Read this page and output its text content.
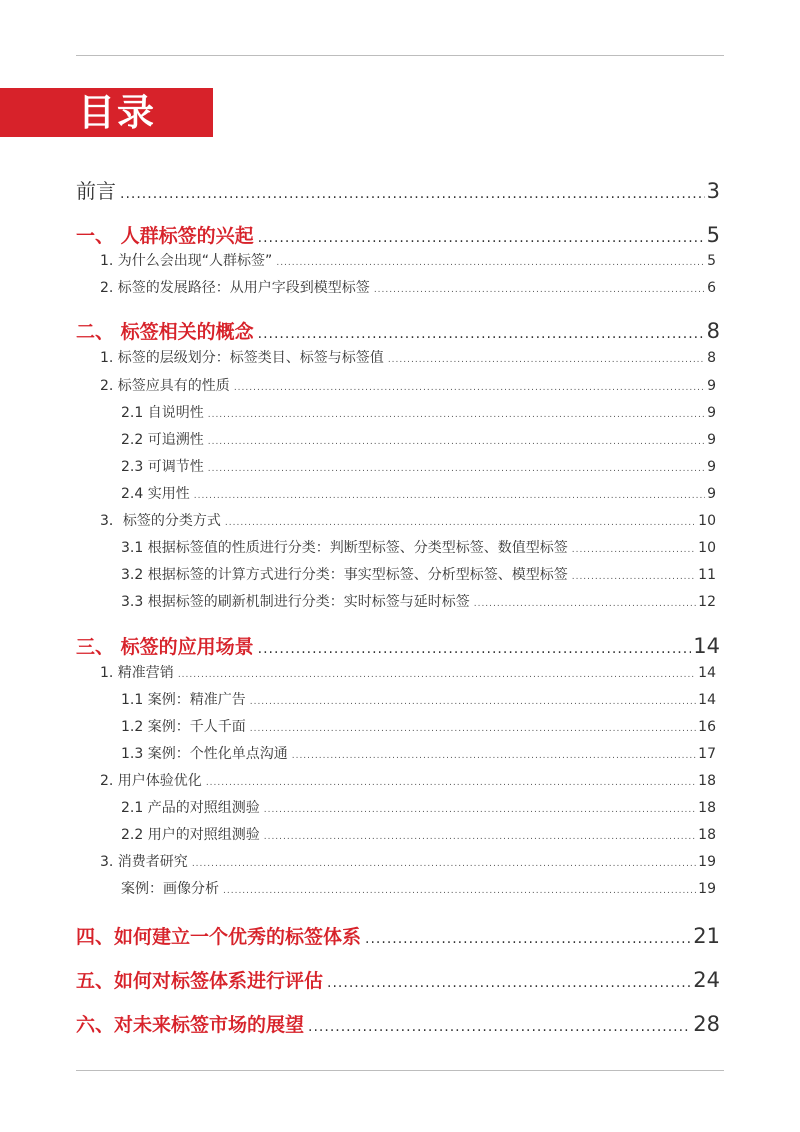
目录
前言 .....	3
一、 人群标签的兴起 .....	5
1. 为什么会出现“人群标签” .....	5
2. 标签的发展路径：从用户字段到模型标签 .....	6
二、 标签相关的概念 .....	8
1. 标签的层级划分：标签类目、标签与标签值 .....	8
2. 标签应具有的性质 .....	9
2.1 自说明性 .....	9
2.2 可追溯性 .....	9
2.3 可调节性 .....	9
2.4 实用性 .....	9
3．标签的分类方式 .....	10
3.1 根据标签值的性质进行分类：判断型标签、分类型标签、数值型标签 .....	10
3.2 根据标签的计算方式进行分类：事实型标签、分析型标签、模型标签 .....	11
3.3 根据标签的刷新机制进行分类：实时标签与延时标签 .....	12
三、 标签的应用场景 .....	14
1. 精准营销 .....	14
1.1 案例：精准广告 .....	14
1.2 案例：千人千面 .....	16
1.3 案例：个性化单点沟通 .....	17
2. 用户体验优化 .....	18
2.1 产品的对照组测验 .....	18
2.2 用户的对照组测验 .....	18
3. 消费者研究 .....	19
案例：画像分析 .....	19
四、如何建立一个优秀的标签体系 .....	21
五、如何对标签体系进行评估 .....	24
六、对未来标签市场的展望 .....	28
